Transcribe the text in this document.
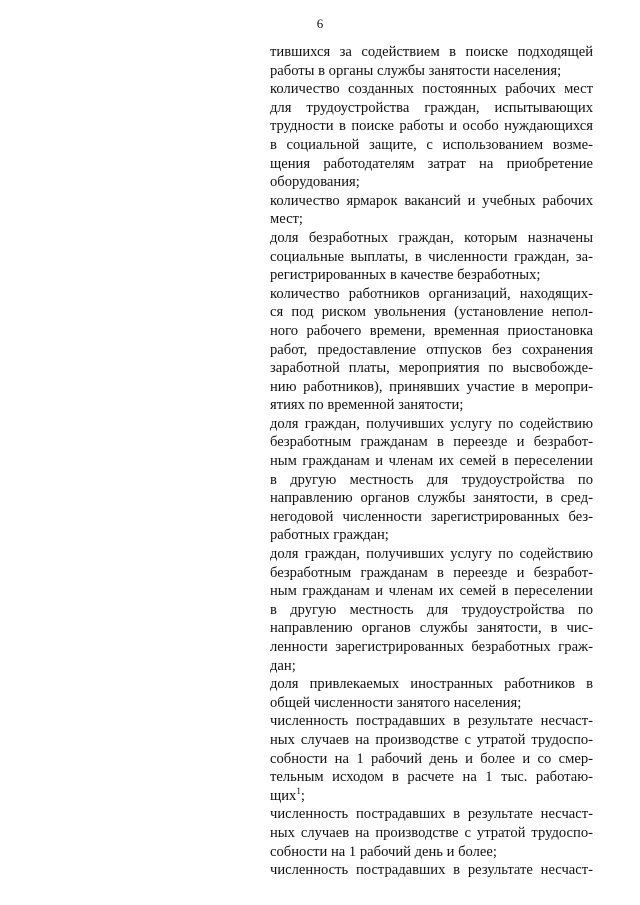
6
тившихся за содействием в поиске подходящей
работы в органы службы занятости населения;
количество созданных постоянных рабочих мест
для трудоустройства граждан, испытывающих
трудности в поиске работы и особо нуждающихся
в социальной защите, с использованием возме-
щения работодателям затрат на приобретение
оборудования;
количество ярмарок вакансий и учебных рабочих
мест;
доля безработных граждан, которым назначены
социальные выплаты, в численности граждан, за-
регистрированных в качестве безработных;
количество работников организаций, находящих-
ся под риском увольнения (установление непол-
ного рабочего времени, временная приостановка
работ, предоставление отпусков без сохранения
заработной платы, мероприятия по высвобожде-
нию работников), принявших участие в меропри-
ятиях по временной занятости;
доля граждан, получивших услугу по содействию
безработным гражданам в переезде и безработ-
ным гражданам и членам их семей в переселении
в другую местность для трудоустройства по
направлению органов службы занятости, в сред-
негодовой численности зарегистрированных без-
работных граждан;
доля граждан, получивших услугу по содействию
безработным гражданам в переезде и безработ-
ным гражданам и членам их семей в переселении
в другую местность для трудоустройства по
направлению органов службы занятости, в чис-
ленности зарегистрированных безработных граж-
дан;
доля привлекаемых иностранных работников в
общей численности занятого населения;
численность пострадавших в результате несчаст-
ных случаев на производстве с утратой трудоспо-
собности на 1 рабочий день и более и со смер-
тельным исходом в расчете на 1 тыс. работаю-
щих$^1$;
численность пострадавших в результате несчаст-
ных случаев на производстве с утратой трудоспо-
собности на 1 рабочий день и более;
численность пострадавших в результате несчаст-
